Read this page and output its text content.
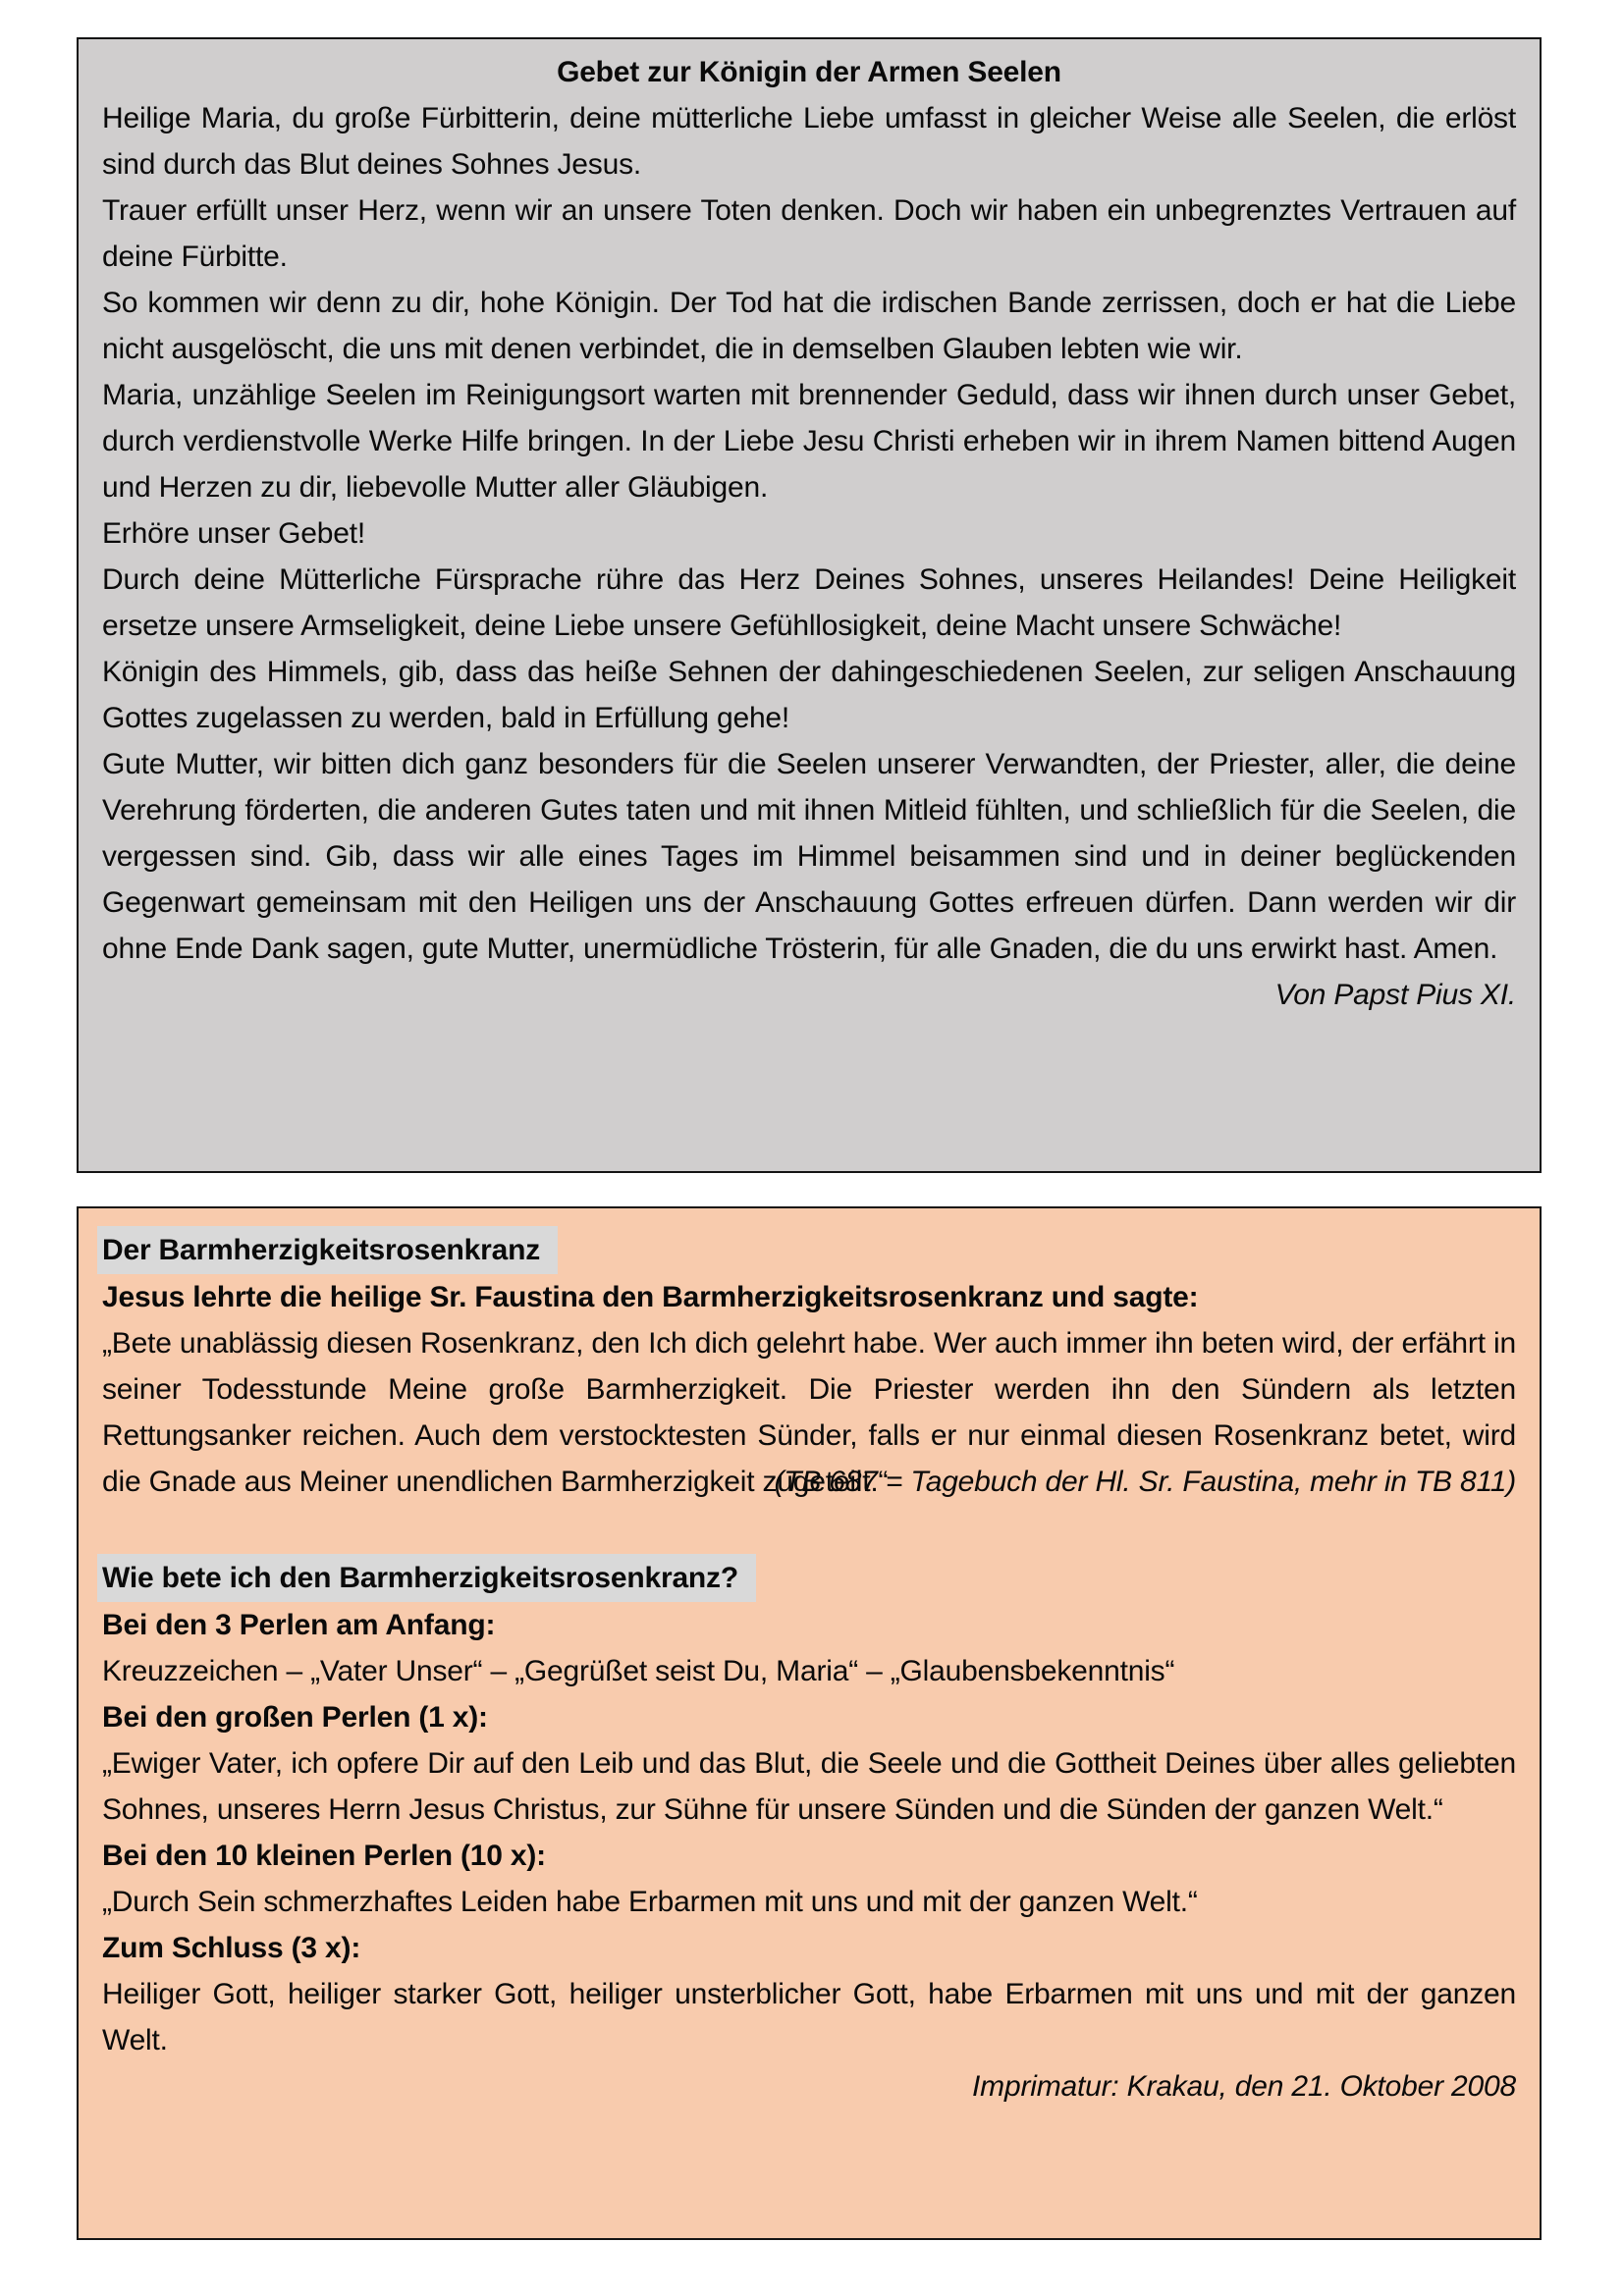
Gebet zur Königin der Armen Seelen

Heilige Maria, du große Fürbitterin, deine mütterliche Liebe umfasst in gleicher Weise alle Seelen, die erlöst sind durch das Blut deines Sohnes Jesus.

Trauer erfüllt unser Herz, wenn wir an unsere Toten denken. Doch wir haben ein unbegrenztes Vertrauen auf deine Fürbitte.

So kommen wir denn zu dir, hohe Königin. Der Tod hat die irdischen Bande zerrissen, doch er hat die Liebe nicht ausgelöscht, die uns mit denen verbindet, die in demselben Glauben lebten wie wir.

Maria, unzählige Seelen im Reinigungsort warten mit brennender Geduld, dass wir ihnen durch unser Gebet, durch verdienstvolle Werke Hilfe bringen. In der Liebe Jesu Christi erheben wir in ihrem Namen bittend Augen und Herzen zu dir, liebevolle Mutter aller Gläubigen.

Erhöre unser Gebet!

Durch deine Mütterliche Fürsprache rühre das Herz Deines Sohnes, unseres Heilandes! Deine Heiligkeit ersetze unsere Armseligkeit, deine Liebe unsere Gefühllosigkeit, deine Macht unsere Schwäche!

Königin des Himmels, gib, dass das heiße Sehnen der dahingeschiedenen Seelen, zur seligen Anschauung Gottes zugelassen zu werden, bald in Erfüllung gehe!

Gute Mutter, wir bitten dich ganz besonders für die Seelen unserer Verwandten, der Priester, aller, die deine Verehrung förderten, die anderen Gutes taten und mit ihnen Mitleid fühlten, und schließlich für die Seelen, die vergessen sind. Gib, dass wir alle eines Tages im Himmel beisammen sind und in deiner beglückenden Gegenwart gemeinsam mit den Heiligen uns der Anschauung Gottes erfreuen dürfen. Dann werden wir dir ohne Ende Dank sagen, gute Mutter, unermüdliche Trösterin, für alle Gnaden, die du uns erwirkt hast. Amen.

Von Papst Pius XI.

Der Barmherzigkeitsrosenkranz

Jesus lehrte die heilige Sr. Faustina den Barmherzigkeitsrosenkranz und sagte:

„Bete unablässig diesen Rosenkranz, den Ich dich gelehrt habe. Wer auch immer ihn beten wird, der erfährt in seiner Todesstunde Meine große Barmherzigkeit. Die Priester werden ihn den Sündern als letzten Rettungsanker reichen. Auch dem verstocktesten Sünder, falls er nur einmal diesen Rosenkranz betet, wird die Gnade aus Meiner unendlichen Barmherzigkeit zugeteilt.“

(TB 687 = Tagebuch der Hl. Sr. Faustina, mehr in TB 811)
Wie bete ich den Barmherzigkeitsrosenkranz?

Bei den 3 Perlen am Anfang:

Kreuzzeichen – „Vater Unser“ – „Gegrüßet seist Du, Maria“ – „Glaubensbekenntnis“

Bei den großen Perlen (1 x):

„Ewiger Vater, ich opfere Dir auf den Leib und das Blut, die Seele und die Gottheit Deines über alles geliebten Sohnes, unseres Herrn Jesus Christus, zur Sühne für unsere Sünden und die Sünden der ganzen Welt.“

Bei den 10 kleinen Perlen (10 x):

„Durch Sein schmerzhaftes Leiden habe Erbarmen mit uns und mit der ganzen Welt.“

Zum Schluss (3 x):

Heiliger Gott, heiliger starker Gott, heiliger unsterblicher Gott, habe Erbarmen mit uns und mit der ganzen Welt.

Imprimatur: Krakau, den 21. Oktober 2008
